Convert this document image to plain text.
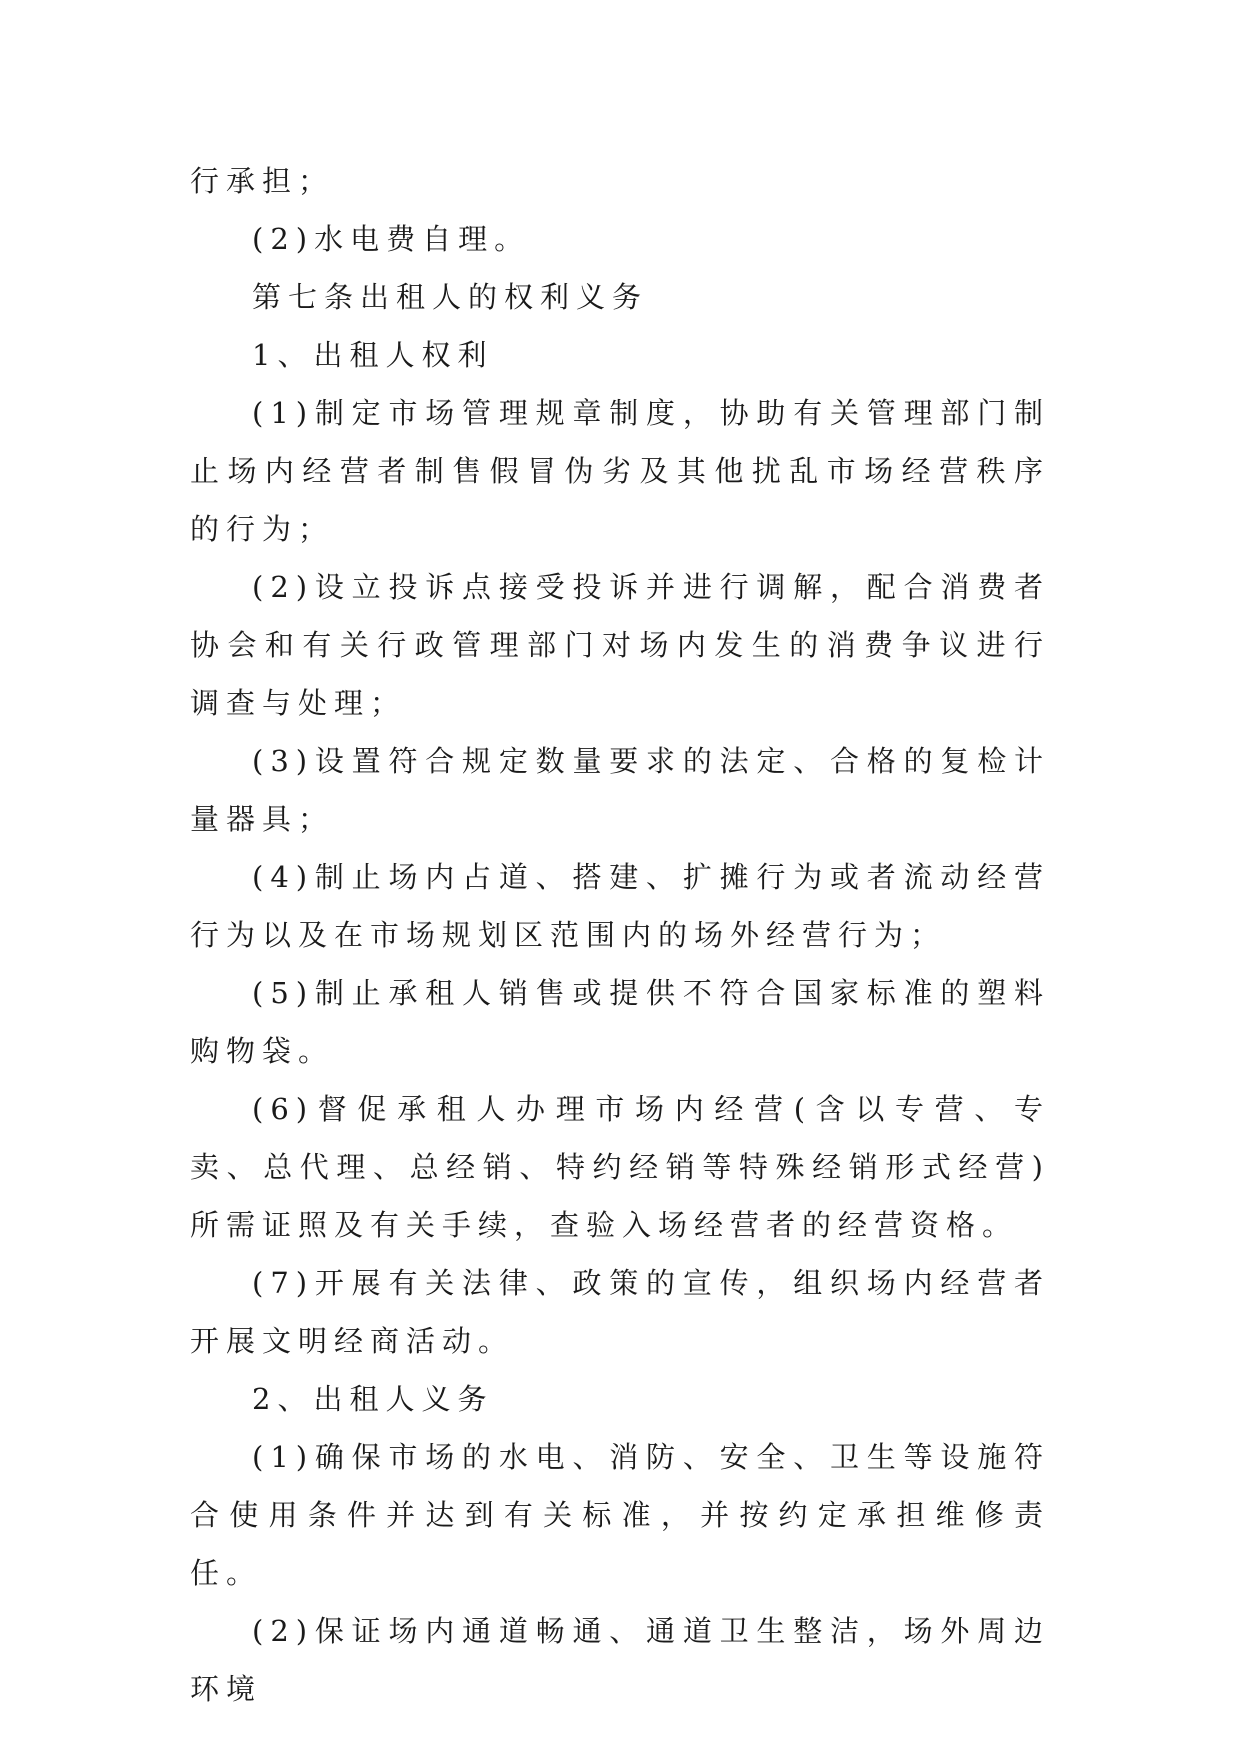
行承担；

(2)水电费自理。

第七条出租人的权利义务

1、出租人权利

(1)制定市场管理规章制度，协助有关管理部门制止场内经营者制售假冒伪劣及其他扰乱市场经营秩序的行为；

(2)设立投诉点接受投诉并进行调解，配合消费者协会和有关行政管理部门对场内发生的消费争议进行调查与处理；

(3)设置符合规定数量要求的法定、合格的复检计量器具；

(4)制止场内占道、搭建、扩摊行为或者流动经营行为以及在市场规划区范围内的场外经营行为；

(5)制止承租人销售或提供不符合国家标准的塑料购物袋。

(6)督促承租人办理市场内经营(含以专营、专卖、总代理、总经销、特约经销等特殊经销形式经营)所需证照及有关手续，查验入场经营者的经营资格。

(7)开展有关法律、政策的宣传，组织场内经营者开展文明经商活动。

2、出租人义务

(1)确保市场的水电、消防、安全、卫生等设施符合使用条件并达到有关标准，并按约定承担维修责任。

(2)保证场内通道畅通、通道卫生整洁，场外周边环境
